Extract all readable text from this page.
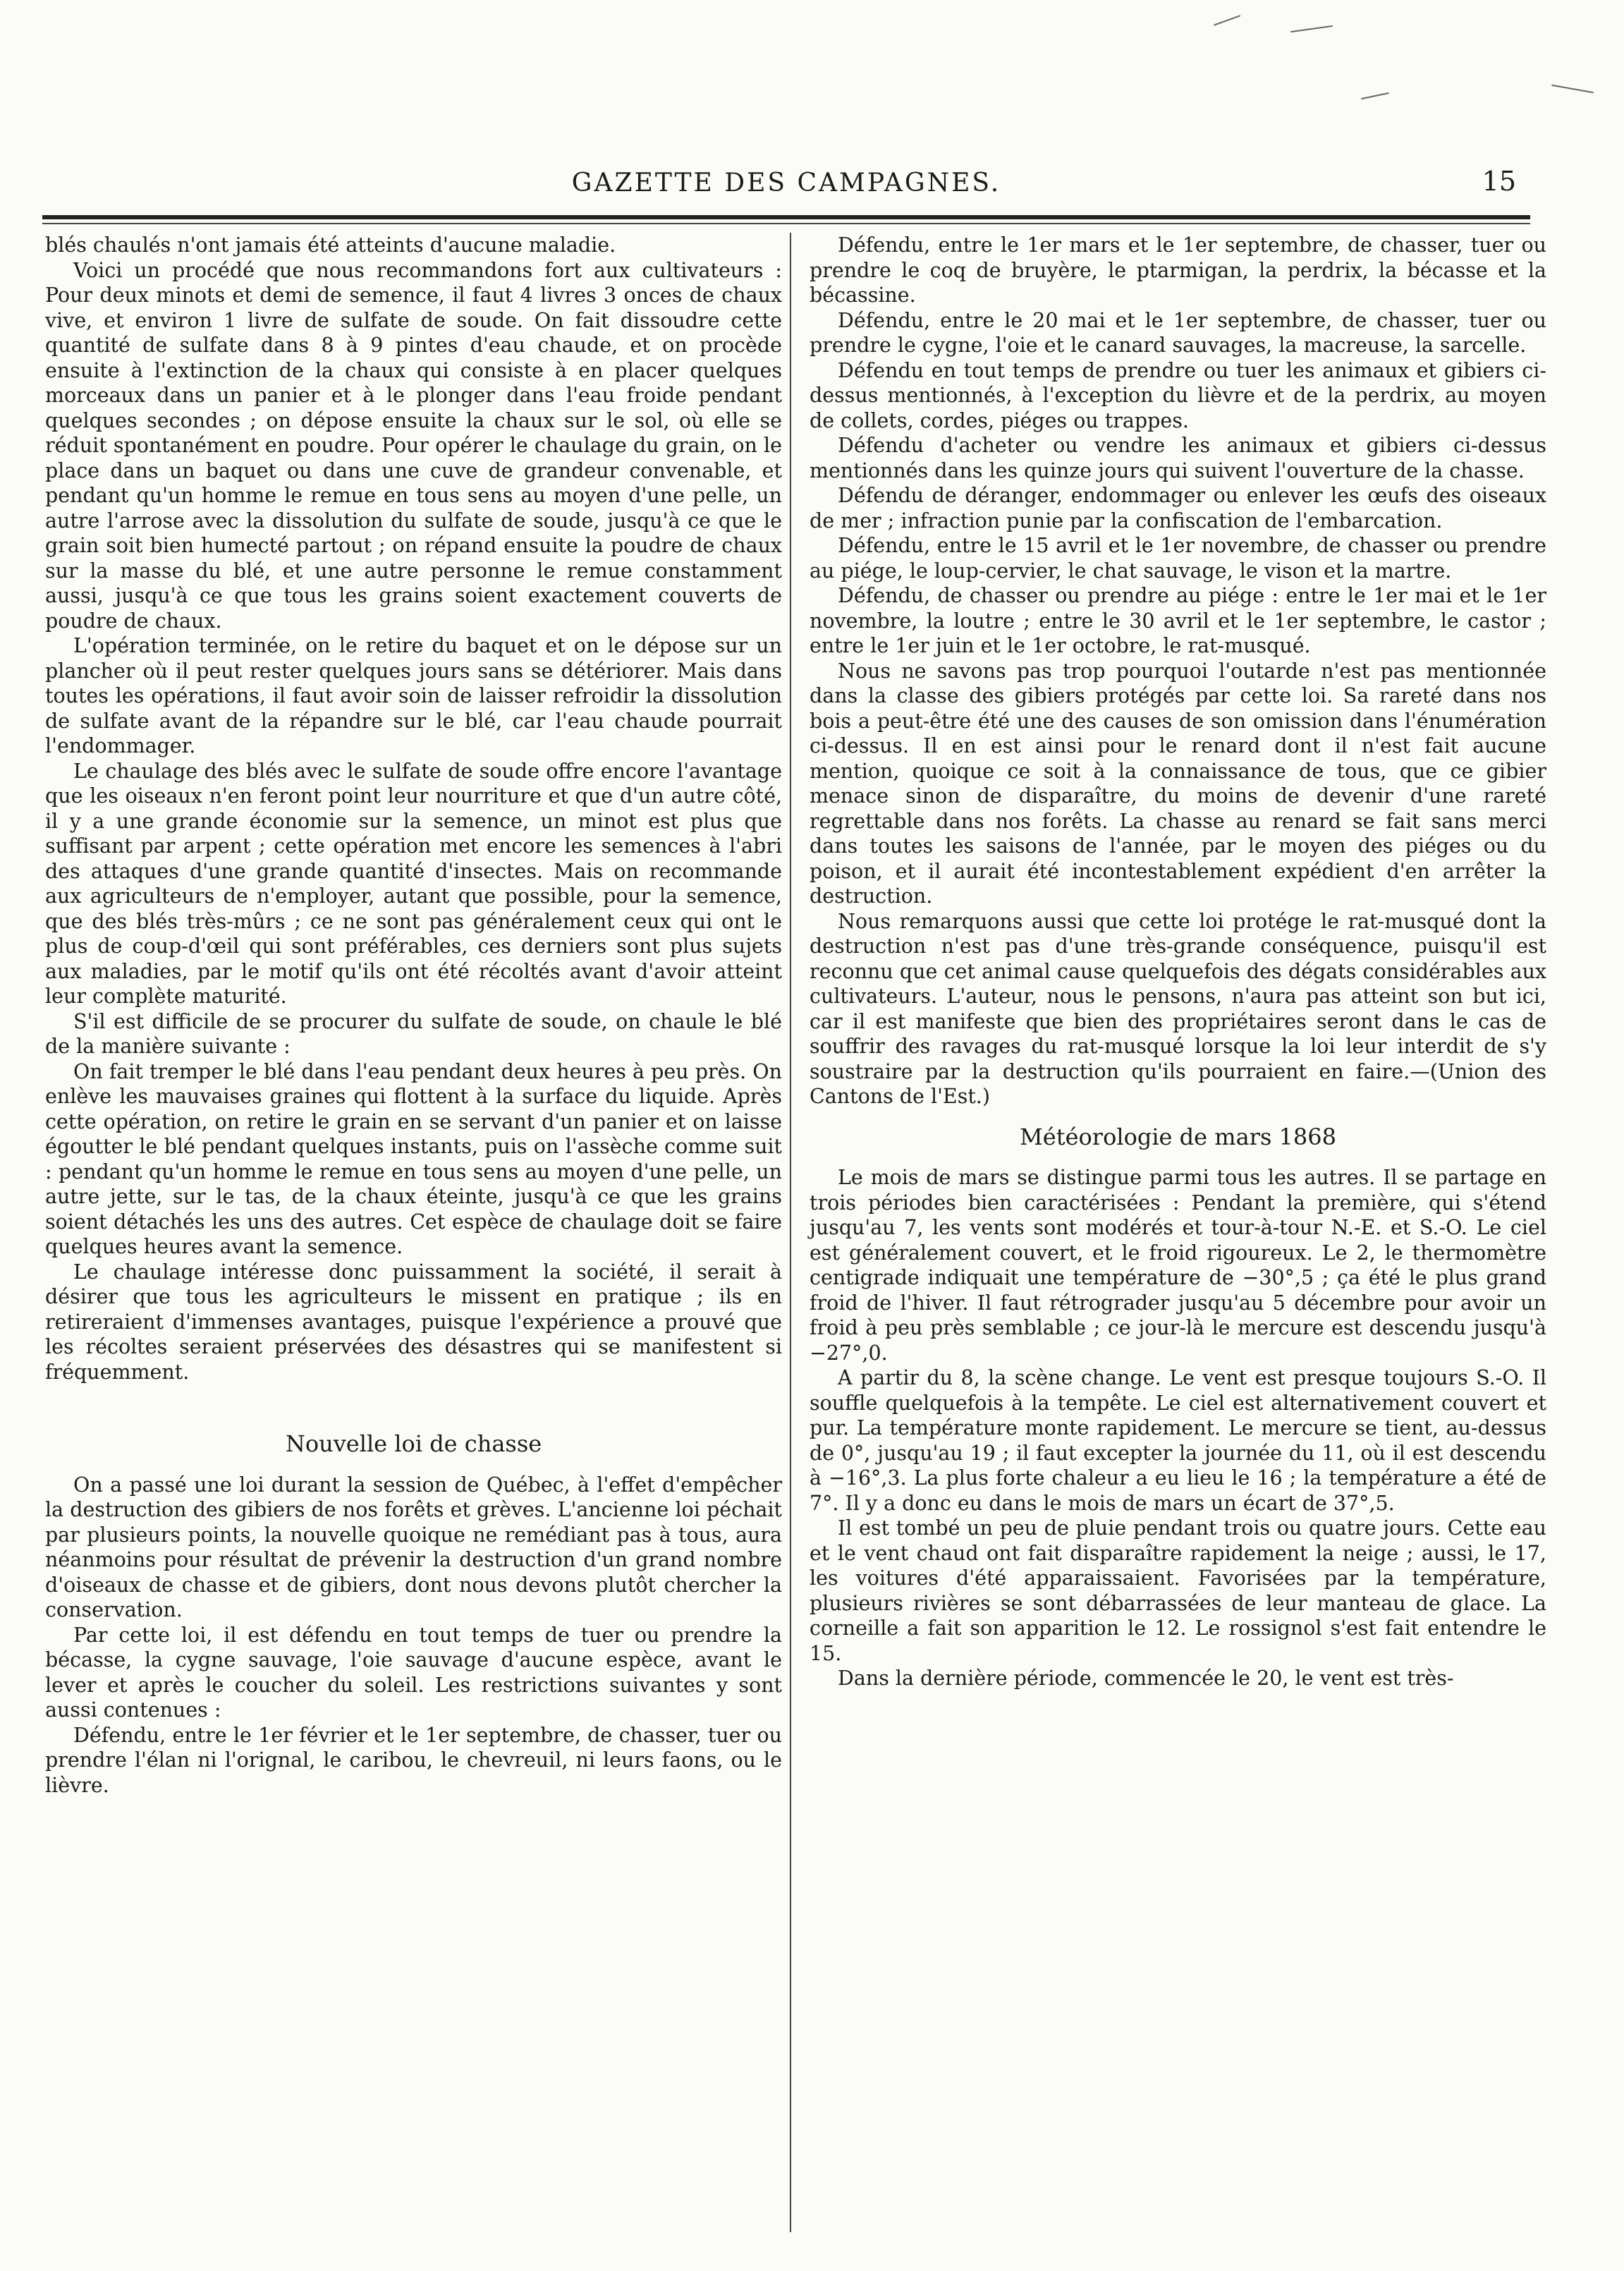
GAZETTE DES CAMPAGNES.	15

blés chaulés n'ont jamais été atteints d'aucune maladie.

Voici un procédé que nous recommandons fort aux cultivateurs : Pour deux minots et demi de semence, il faut 4 livres 3 onces de chaux vive, et environ 1 livre de sulfate de soude. On fait dissoudre cette quantité de sulfate dans 8 à 9 pintes d'eau chaude, et on procède ensuite à l'extinction de la chaux qui consiste à en placer quelques morceaux dans un panier et à le plonger dans l'eau froide pendant quelques secondes ; on dépose ensuite la chaux sur le sol, où elle se réduit spontanément en poudre. Pour opérer le chaulage du grain, on le place dans un baquet ou dans une cuve de grandeur convenable, et pendant qu'un homme le remue en tous sens au moyen d'une pelle, un autre l'arrose avec la dissolution du sulfate de soude, jusqu'à ce que le grain soit bien humecté partout ; on répand ensuite la poudre de chaux sur la masse du blé, et une autre personne le remue constamment aussi, jusqu'à ce que tous les grains soient exactement couverts de poudre de chaux.

L'opération terminée, on le retire du baquet et on le dépose sur un plancher où il peut rester quelques jours sans se détériorer. Mais dans toutes les opérations, il faut avoir soin de laisser refroidir la dissolution de sulfate avant de la répandre sur le blé, car l'eau chaude pourrait l'endommager.

Le chaulage des blés avec le sulfate de soude offre encore l'avantage que les oiseaux n'en feront point leur nourriture et que d'un autre côté, il y a une grande économie sur la semence, un minot est plus que suffisant par arpent ; cette opération met encore les semences à l'abri des attaques d'une grande quantité d'insectes. Mais on recommande aux agriculteurs de n'employer, autant que possible, pour la semence, que des blés très-mûrs ; ce ne sont pas généralement ceux qui ont le plus de coup-d'œil qui sont préférables, ces derniers sont plus sujets aux maladies, par le motif qu'ils ont été récoltés avant d'avoir atteint leur complète maturité.

S'il est difficile de se procurer du sulfate de soude, on chaule le blé de la manière suivante :

On fait tremper le blé dans l'eau pendant deux heures à peu près. On enlève les mauvaises graines qui flottent à la surface du liquide. Après cette opération, on retire le grain en se servant d'un panier et on laisse égoutter le blé pendant quelques instants, puis on l'assèche comme suit : pendant qu'un homme le remue en tous sens au moyen d'une pelle, un autre jette, sur le tas, de la chaux éteinte, jusqu'à ce que les grains soient détachés les uns des autres. Cet espèce de chaulage doit se faire quelques heures avant la semence.

Le chaulage intéresse donc puissamment la société, il serait à désirer que tous les agriculteurs le missent en pratique ; ils en retireraient d'immenses avantages, puisque l'expérience a prouvé que les récoltes seraient préservées des désastres qui se manifestent si fréquemment.

Nouvelle loi de chasse

On a passé une loi durant la session de Québec, à l'effet d'empêcher la destruction des gibiers de nos forêts et grèves. L'ancienne loi péchait par plusieurs points, la nouvelle quoique ne remédiant pas à tous, aura néanmoins pour résultat de prévenir la destruction d'un grand nombre d'oiseaux de chasse et de gibiers, dont nous devons plutôt chercher la conservation.

Par cette loi, il est défendu en tout temps de tuer ou prendre la bécasse, la cygne sauvage, l'oie sauvage d'aucune espèce, avant le lever et après le coucher du soleil. Les restrictions suivantes y sont aussi contenues :

Défendu, entre le 1er février et le 1er septembre, de chasser, tuer ou prendre l'élan ni l'orignal, le caribou, le chevreuil, ni leurs faons, ou le lièvre.

Défendu, entre le 1er mars et le 1er septembre, de chasser, tuer ou prendre le coq de bruyère, le ptarmigan, la perdrix, la bécasse et la bécassine.

Défendu, entre le 20 mai et le 1er septembre, de chasser, tuer ou prendre le cygne, l'oie et le canard sauvages, la macreuse, la sarcelle.

Défendu en tout temps de prendre ou tuer les animaux et gibiers ci-dessus mentionnés, à l'exception du lièvre et de la perdrix, au moyen de collets, cordes, piéges ou trappes.

Défendu d'acheter ou vendre les animaux et gibiers ci-dessus mentionnés dans les quinze jours qui suivent l'ouverture de la chasse.

Défendu de déranger, endommager ou enlever les œufs des oiseaux de mer ; infraction punie par la confiscation de l'embarcation.

Défendu, entre le 15 avril et le 1er novembre, de chasser ou prendre au piége, le loup-cervier, le chat sauvage, le vison et la martre.

Défendu, de chasser ou prendre au piége : entre le 1er mai et le 1er novembre, la loutre ; entre le 30 avril et le 1er septembre, le castor ; entre le 1er juin et le 1er octobre, le rat-musqué.

Nous ne savons pas trop pourquoi l'outarde n'est pas mentionnée dans la classe des gibiers protégés par cette loi. Sa rareté dans nos bois a peut-être été une des causes de son omission dans l'énumération ci-dessus. Il en est ainsi pour le renard dont il n'est fait aucune mention, quoique ce soit à la connaissance de tous, que ce gibier menace sinon de disparaître, du moins de devenir d'une rareté regrettable dans nos forêts. La chasse au renard se fait sans merci dans toutes les saisons de l'année, par le moyen des piéges ou du poison, et il aurait été incontestablement expédient d'en arrêter la destruction.

Nous remarquons aussi que cette loi protége le rat-musqué dont la destruction n'est pas d'une très-grande conséquence, puisqu'il est reconnu que cet animal cause quelquefois des dégats considérables aux cultivateurs. L'auteur, nous le pensons, n'aura pas atteint son but ici, car il est manifeste que bien des propriétaires seront dans le cas de souffrir des ravages du rat-musqué lorsque la loi leur interdit de s'y soustraire par la destruction qu'ils pourraient en faire.—(Union des Cantons de l'Est.)

Météorologie de mars 1868

Le mois de mars se distingue parmi tous les autres. Il se partage en trois périodes bien caractérisées : Pendant la première, qui s'étend jusqu'au 7, les vents sont modérés et tour-à-tour N.-E. et S.-O. Le ciel est généralement couvert, et le froid rigoureux. Le 2, le thermomètre centigrade indiquait une température de −30°,5 ; ça été le plus grand froid de l'hiver. Il faut rétrograder jusqu'au 5 décembre pour avoir un froid à peu près semblable ; ce jour-là le mercure est descendu jusqu'à −27°,0.

A partir du 8, la scène change. Le vent est presque toujours S.-O. Il souffle quelquefois à la tempête. Le ciel est alternativement couvert et pur. La température monte rapidement. Le mercure se tient, au-dessus de 0°, jusqu'au 19 ; il faut excepter la journée du 11, où il est descendu à −16°,3. La plus forte chaleur a eu lieu le 16 ; la température a été de 7°. Il y a donc eu dans le mois de mars un écart de 37°,5.

Il est tombé un peu de pluie pendant trois ou quatre jours. Cette eau et le vent chaud ont fait disparaître rapidement la neige ; aussi, le 17, les voitures d'été apparaissaient. Favorisées par la température, plusieurs rivières se sont débarrassées de leur manteau de glace. La corneille a fait son apparition le 12. Le rossignol s'est fait entendre le 15.

Dans la dernière période, commencée le 20, le vent est très-
